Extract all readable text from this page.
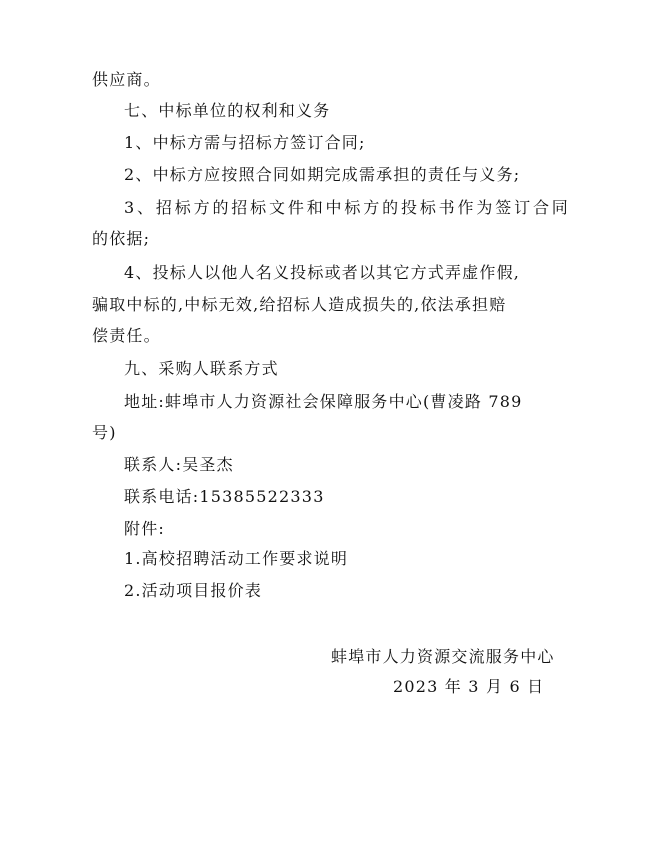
供应商。
七、中标单位的权利和义务
1、中标方需与招标方签订合同;
2、中标方应按照合同如期完成需承担的责任与义务;
3、招标方的招标文件和中标方的投标书作为签订合同
的依据;
4、投标人以他人名义投标或者以其它方式弄虚作假,
骗取中标的,中标无效,给招标人造成损失的,依法承担赔
偿责任。
九、采购人联系方式
地址:蚌埠市人力资源社会保障服务中心(曹凌路 789
号)
联系人:吴圣杰
联系电话:15385522333
附件:
1.高校招聘活动工作要求说明
2.活动项目报价表
蚌埠市人力资源交流服务中心
2023 年 3 月 6 日
